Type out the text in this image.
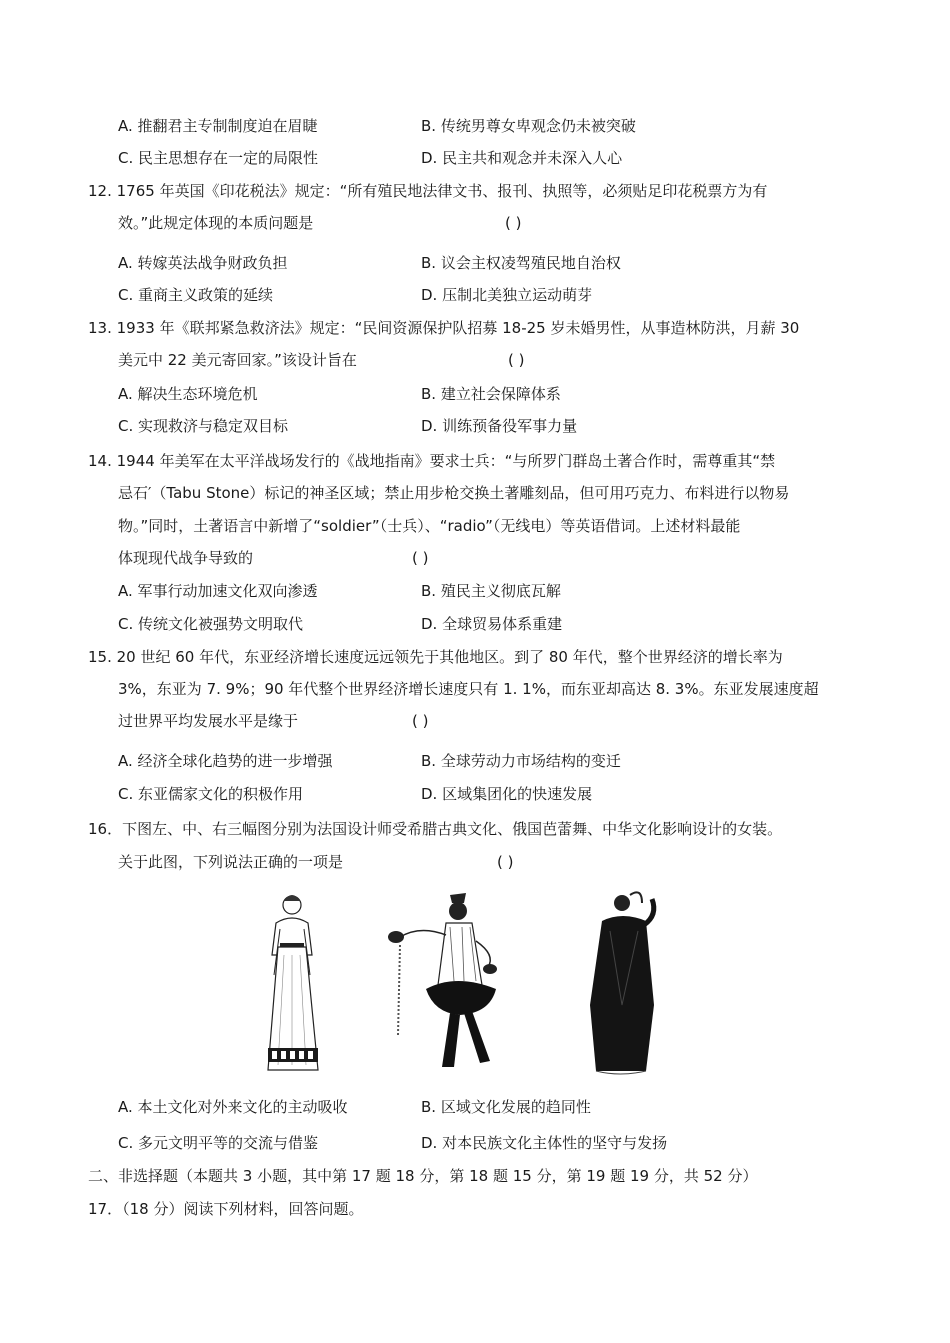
A. 推翻君主专制制度迫在眉睫	B. 传统男尊女卑观念仍未被突破
C. 民主思想存在一定的局限性	D. 民主共和观念并未深入人心
12. 1765 年英国《印花税法》规定：“所有殖民地法律文书、报刊、执照等，必须贴足印花税票方为有
效。”此规定体现的本质问题是	( )
A. 转嫁英法战争财政负担	B. 议会主权凌驾殖民地自治权
C. 重商主义政策的延续	D. 压制北美独立运动萌芽
13. 1933 年《联邦紧急救济法》规定：“民间资源保护队招募 18-25 岁未婚男性，从事造林防洪，月薪 30
美元中 22 美元寄回家。”该设计旨在	( )
A. 解决生态环境危机	B. 建立社会保障体系
C. 实现救济与稳定双目标	D. 训练预备役军事力量
14. 1944 年美军在太平洋战场发行的《战地指南》要求士兵：“与所罗门群岛土著合作时，需尊重其“禁
忌石′（Tabu Stone）标记的神圣区域；禁止用步枪交换土著雕刻品，但可用巧克力、布料进行以物易
物。”同时，土著语言中新增了“soldier”（士兵）、“radio”（无线电）等英语借词。上述材料最能
体现现代战争导致的	( )
A. 军事行动加速文化双向渗透	B. 殖民主义彻底瓦解
C. 传统文化被强势文明取代	D. 全球贸易体系重建
15. 20 世纪 60 年代，东亚经济增长速度远远领先于其他地区。到了 80 年代，整个世界经济的增长率为
3%，东亚为 7. 9%；90 年代整个世界经济增长速度只有 1. 1%，而东亚却高达 8. 3%。东亚发展速度超
过世界平均发展水平是缘于	( )
A. 经济全球化趋势的进一步增强	B. 全球劳动力市场结构的变迁
C. 东亚儒家文化的积极作用	D. 区域集团化的快速发展
16．下图左、中、右三幅图分别为法国设计师受希腊古典文化、俄国芭蕾舞、中华文化影响设计的女装。
关于此图，下列说法正确的一项是	( )
A. 本土文化对外来文化的主动吸收	B. 区域文化发展的趋同性
C. 多元文明平等的交流与借鉴	D. 对本民族文化主体性的坚守与发扬
二、非选择题（本题共 3 小题，其中第 17 题 18 分，第 18 题 15 分，第 19 题 19 分，共 52 分）
17．（18 分）阅读下列材料，回答问题。
